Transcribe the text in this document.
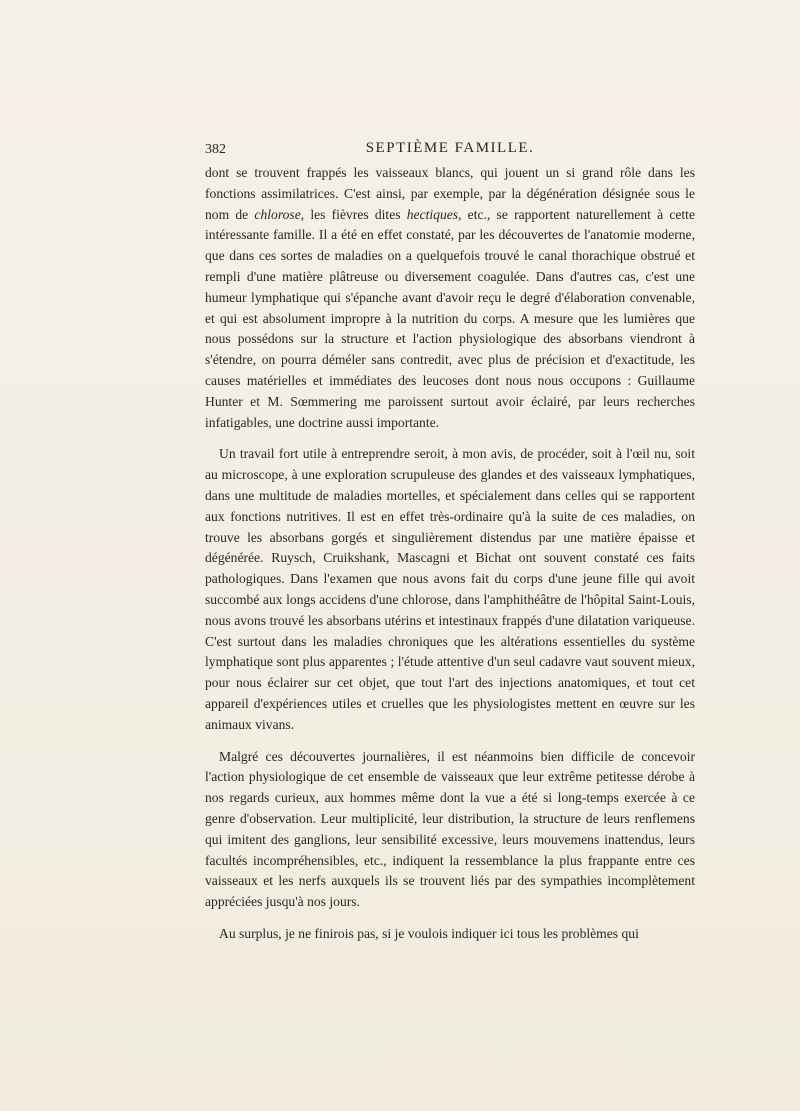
382	SEPTIÈME FAMILLE.

dont se trouvent frappés les vaisseaux blancs, qui jouent un si grand rôle dans les fonctions assimilatrices. C'est ainsi, par exemple, par la dégénération désignée sous le nom de chlorose, les fièvres dites hectiques, etc., se rapportent naturellement à cette intéressante famille. Il a été en effet constaté, par les découvertes de l'anatomie moderne, que dans ces sortes de maladies on a quelquefois trouvé le canal thorachique obstrué et rempli d'une matière plâtreuse ou diversement coagulée. Dans d'autres cas, c'est une humeur lymphatique qui s'épanche avant d'avoir reçu le degré d'élaboration convenable, et qui est absolument impropre à la nutrition du corps. A mesure que les lumières que nous possédons sur la structure et l'action physiologique des absorbans viendront à s'étendre, on pourra déméler sans contredit, avec plus de précision et d'exactitude, les causes matérielles et immédiates des leucoses dont nous nous occupons : Guillaume Hunter et M. Sœmmering me paroissent surtout avoir éclairé, par leurs recherches infatigables, une doctrine aussi importante.

Un travail fort utile à entreprendre seroit, à mon avis, de procéder, soit à l'œil nu, soit au microscope, à une exploration scrupuleuse des glandes et des vaisseaux lymphatiques, dans une multitude de maladies mortelles, et spécialement dans celles qui se rapportent aux fonctions nutritives. Il est en effet très-ordinaire qu'à la suite de ces maladies, on trouve les absorbans gorgés et singulièrement distendus par une matière épaisse et dégénérée. Ruysch, Cruikshank, Mascagni et Bichat ont souvent constaté ces faits pathologiques. Dans l'examen que nous avons fait du corps d'une jeune fille qui avoit succombé aux longs accidens d'une chlorose, dans l'amphithéâtre de l'hôpital Saint-Louis, nous avons trouvé les absorbans utérins et intestinaux frappés d'une dilatation variqueuse. C'est surtout dans les maladies chroniques que les altérations essentielles du système lymphatique sont plus apparentes ; l'étude attentive d'un seul cadavre vaut souvent mieux, pour nous éclairer sur cet objet, que tout l'art des injections anatomiques, et tout cet appareil d'expériences utiles et cruelles que les physiologistes mettent en œuvre sur les animaux vivans.

Malgré ces découvertes journalières, il est néanmoins bien difficile de concevoir l'action physiologique de cet ensemble de vaisseaux que leur extrême petitesse dérobe à nos regards curieux, aux hommes même dont la vue a été si long-temps exercée à ce genre d'observation. Leur multiplicité, leur distribution, la structure de leurs renflemens qui imitent des ganglions, leur sensibilité excessive, leurs mouvemens inattendus, leurs facultés incompréhensibles, etc., indiquent la ressemblance la plus frappante entre ces vaisseaux et les nerfs auxquels ils se trouvent liés par des sympathies incomplètement appréciées jusqu'à nos jours.

Au surplus, je ne finirois pas, si je voulois indiquer ici tous les problèmes qui
